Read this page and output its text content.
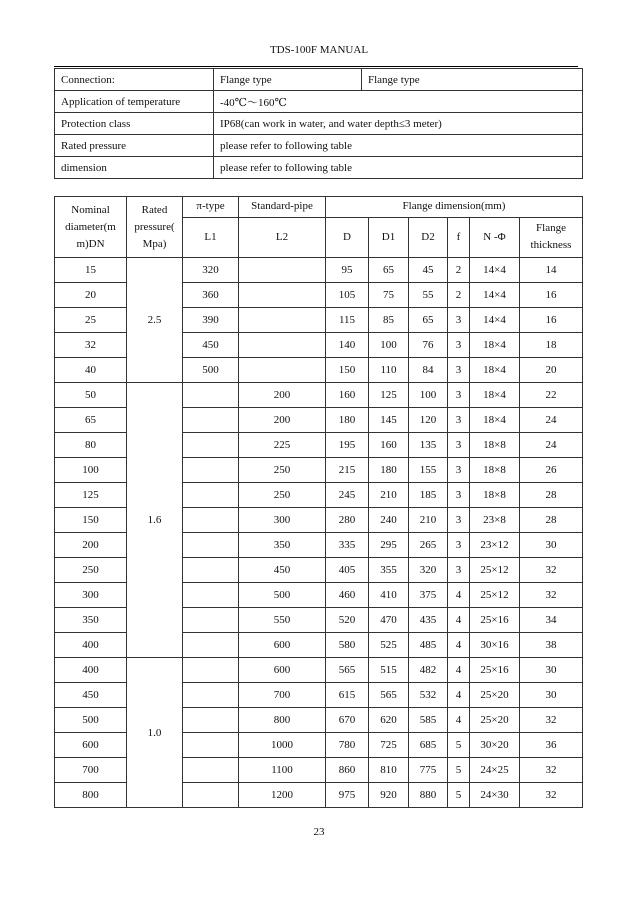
TDS-100F MANUAL
Connection:	Flange type	Flange type
Application of temperature	-40℃～160℃	
Protection class	IP68(can work in water, and water depth≤3 meter)	
Rated pressure	please refer to following table	
dimension	please refer to following table	
Nominal diameter(m m)DN	Rated pressure( Mpa)	π-type	Standard-pipe	Flange dimension(mm)					
		L1	L2	D	D1	D2	f	N -Φ	Flange thickness
15	2.5	320		95	65	45	2	14×4	14
20		360		105	75	55	2	14×4	16
25		390		115	85	65	3	14×4	16
32		450		140	100	76	3	18×4	18
40		500		150	110	84	3	18×4	20
50	1.6		200	160	125	100	3	18×4	22
65			200	180	145	120	3	18×4	24
80			225	195	160	135	3	18×8	24
100			250	215	180	155	3	18×8	26
125			250	245	210	185	3	18×8	28
150			300	280	240	210	3	23×8	28
200			350	335	295	265	3	23×12	30
250			450	405	355	320	3	25×12	32
300			500	460	410	375	4	25×12	32
350			550	520	470	435	4	25×16	34
400			600	580	525	485	4	30×16	38
400	1.0		600	565	515	482	4	25×16	30
450			700	615	565	532	4	25×20	30
500			800	670	620	585	4	25×20	32
600			1000	780	725	685	5	30×20	36
700			1100	860	810	775	5	24×25	32
800			1200	975	920	880	5	24×30	32
23
